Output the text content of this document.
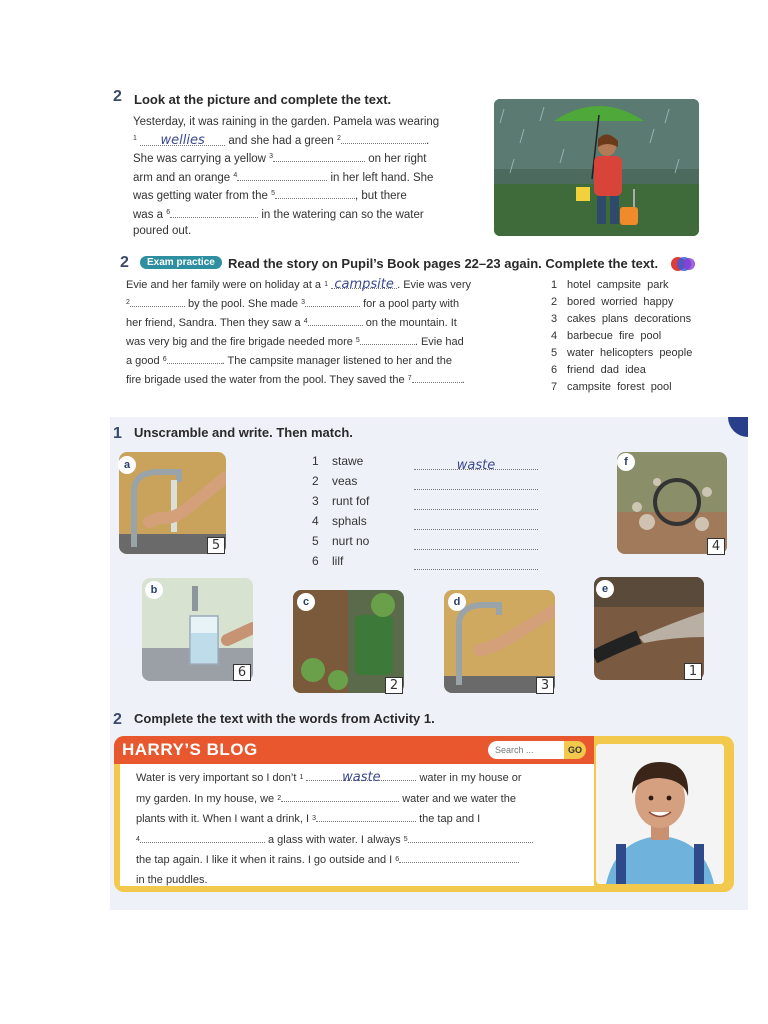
2 Look at the picture and complete the text.
Yesterday, it was raining in the garden. Pamela was wearing
$^1$ wellies and she had a green $^2$	.
She was carrying a yellow $^3$	on her right
arm and an orange $^4$	in her left hand. She
was getting water from the $^5$	, but there
was a $^6$	in the watering can so the water
poured out.
2	Exam practice	Read the story on Pupil’s Book pages 22–23 again. Complete the text.
Evie and her family were on holiday at a $^1$ campsite . Evie was very
$^2$	by the pool. She made $^3$	for a pool party with
her friend, Sandra. Then they saw a $^4$	on the mountain. It
was very big and the fire brigade needed more $^5$	. Evie had
a good $^6$	. The campsite manager listened to her and the
fire brigade used the water from the pool. They saved the $^7$	.
1 hotel  campsite  park
2 bored  worried  happy
3 cakes  plans  decorations
4 barbecue  fire  pool
5 water  helicopters  people
6 friend  dad  idea
7 campsite  forest  pool
1 Unscramble and write. Then match.
1 stawe	waste
2 veas
3 runt fof
4 sphals
5 nurt no
6 lilf
a
5
f
4
b
6
c
2
d
3
e
1
2 Complete the text with the words from Activity 1.
HARRY’S BLOG	Search ...	GO
Water is very important so I don’t $^1$	waste	water in my house or
my garden. In my house, we $^2$	water and we water the
plants with it. When I want a drink, I $^3$	the tap and I
$^4$	a glass with water. I always $^5$
the tap again. I like it when it rains. I go outside and I $^6$
in the puddles.
